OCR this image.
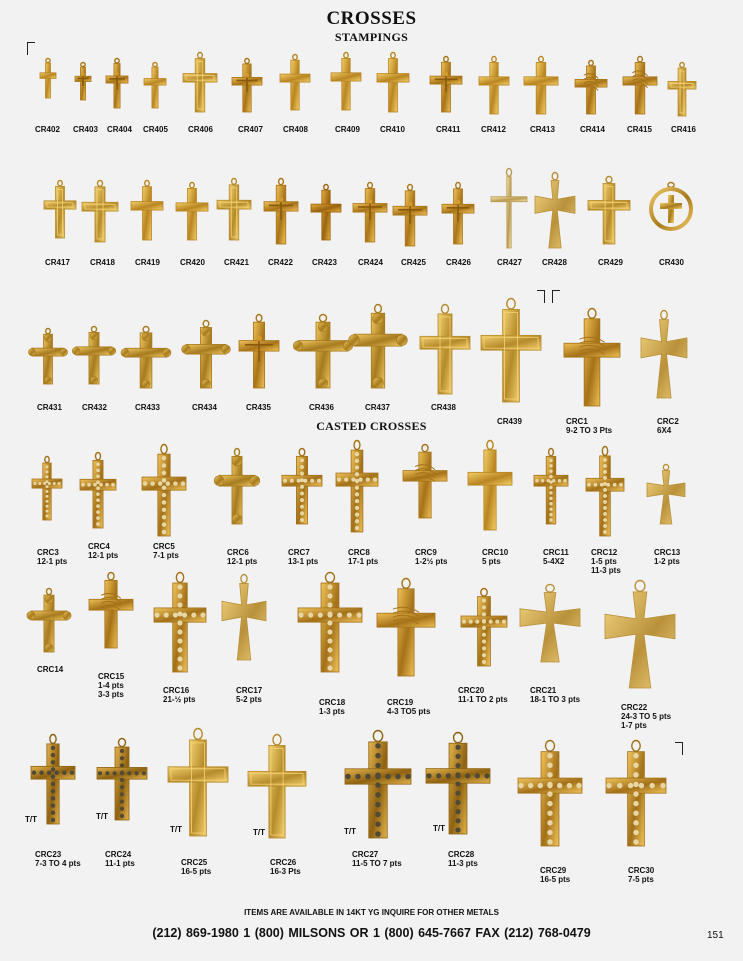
CROSSES
STAMPINGS
CASTED CROSSES
CR402 CR403 CR404 CR405	CR406	CR407	CR408	CR409	CR410	CR411	CR412	CR413	CR414	CR415 CR416
CR417	CR418	CR419	CR420 CR421 CR422 CR423	CR424 CR425	CR426	CR427	CR428	CR429	CR430
CR431	CR432	CR433	CR434	CR435	CR436	CR437	CR438
CR439	CRC1
9-2 TO 3 Pts
CRC2
6X4
CRC3
12-1 pts
CRC4
12-1 pts
CRC5
7-1 pts	CRC6
12-1 pts
CRC7
13-1 pts
CRC8
17-1 pts
CRC9
1-2½ pts
CRC10
5 pts
CRC11
5-4X2
CRC12
1-5 pts
11-3 pts
CRC13
1-2 pts
CRC14
CRC15
1-4 pts
3-3 pts	CRC16
21-½ pts
CRC17
5-2 pts	CRC18
1-3 pts
CRC19
4-3 TO5 pts
CRC20
11-1 TO 2 pts
CRC21
18-1 TO 3 pts
CRC22
24-3 TO 5 pts
1-7 pts
CRC23
7-3 TO 4 pts
T/T
CRC24
11-1 pts
T/T
CRC25
16-5 pts
T/T
CRC26
16-3 Pts
T/T
CRC27
11-5 TO 7 pts
T/T
CRC28
11-3 pts
T/T
CRC29
16-5 pts
CRC30
7-5 pts
ITEMS ARE AVAILABLE IN 14KT YG INQUIRE FOR OTHER METALS
(212) 869-1980 1 (800) MILSONS OR 1 (800) 645-7667 FAX (212) 768-0479	151
